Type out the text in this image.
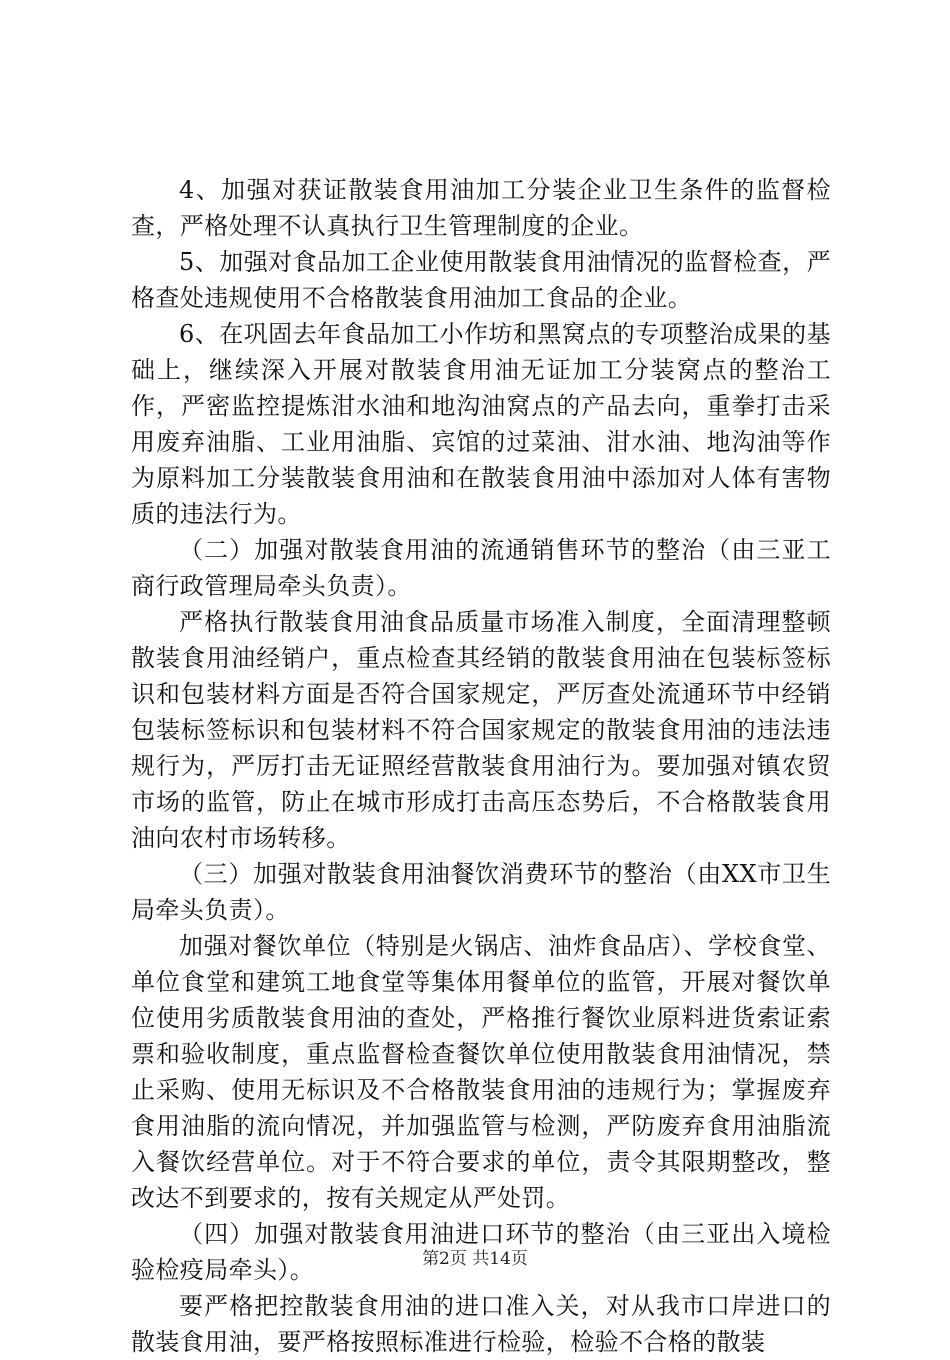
4、加强对获证散装食用油加工分装企业卫生条件的监督检查，严格处理不认真执行卫生管理制度的企业。

5、加强对食品加工企业使用散装食用油情况的监督检查，严格查处违规使用不合格散装食用油加工食品的企业。

6、在巩固去年食品加工小作坊和黑窝点的专项整治成果的基础上，继续深入开展对散装食用油无证加工分装窝点的整治工作，严密监控提炼泔水油和地沟油窝点的产品去向，重拳打击采用废弃油脂、工业用油脂、宾馆的过菜油、泔水油、地沟油等作为原料加工分装散装食用油和在散装食用油中添加对人体有害物质的违法行为。

（二）加强对散装食用油的流通销售环节的整治（由三亚工商行政管理局牵头负责）。

严格执行散装食用油食品质量市场准入制度，全面清理整顿散装食用油经销户，重点检查其经销的散装食用油在包装标签标识和包装材料方面是否符合国家规定，严厉查处流通环节中经销包装标签标识和包装材料不符合国家规定的散装食用油的违法违规行为，严厉打击无证照经营散装食用油行为。要加强对镇农贸市场的监管，防止在城市形成打击高压态势后，不合格散装食用油向农村市场转移。

（三）加强对散装食用油餐饮消费环节的整治（由XX市卫生局牵头负责）。

加强对餐饮单位（特别是火锅店、油炸食品店）、学校食堂、单位食堂和建筑工地食堂等集体用餐单位的监管，开展对餐饮单位使用劣质散装食用油的查处，严格推行餐饮业原料进货索证索票和验收制度，重点监督检查餐饮单位使用散装食用油情况，禁止采购、使用无标识及不合格散装食用油的违规行为；掌握废弃食用油脂的流向情况，并加强监管与检测，严防废弃食用油脂流入餐饮经营单位。对于不符合要求的单位，责令其限期整改，整改达不到要求的，按有关规定从严处罚。

（四）加强对散装食用油进口环节的整治（由三亚出入境检验检疫局牵头）。

要严格把控散装食用油的进口准入关，对从我市口岸进口的散装食用油，要严格按照标准进行检验，检验不合格的散装

第2页 共14页
